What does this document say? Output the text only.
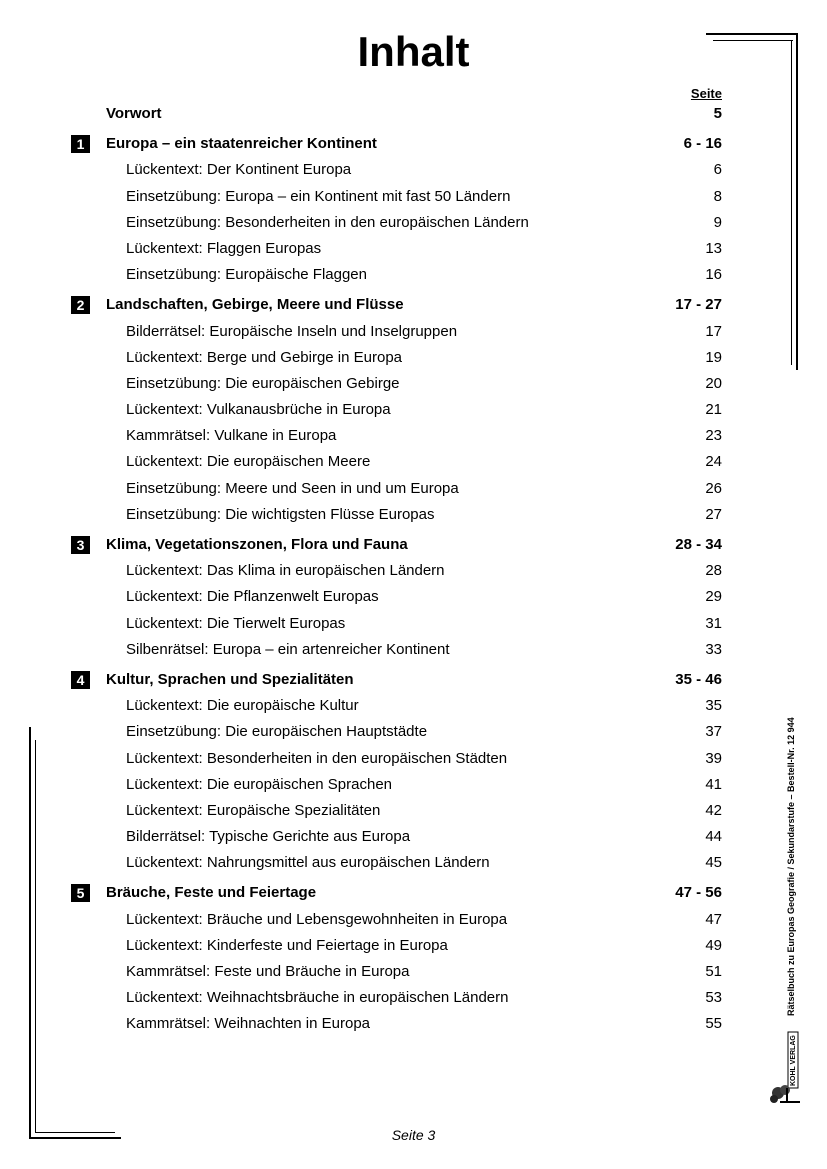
Inhalt
Seite
Vorwort	5
1	Europa – ein staatenreicher Kontinent	6 - 16
Lückentext: Der Kontinent Europa	6
Einsetzübung: Europa – ein Kontinent mit fast 50 Ländern	8
Einsetzübung: Besonderheiten in den europäischen Ländern	9
Lückentext: Flaggen Europas	13
Einsetzübung: Europäische Flaggen	16
2	Landschaften, Gebirge, Meere und Flüsse	17 - 27
Bilderrätsel: Europäische Inseln und Inselgruppen	17
Lückentext: Berge und Gebirge in Europa	19
Einsetzübung: Die europäischen Gebirge	20
Lückentext: Vulkanausbrüche in Europa	21
Kammrätsel: Vulkane in Europa	23
Lückentext: Die europäischen Meere	24
Einsetzübung: Meere und Seen in und um Europa	26
Einsetzübung: Die wichtigsten Flüsse Europas	27
3	Klima, Vegetationszonen, Flora und Fauna	28 - 34
Lückentext: Das Klima in europäischen Ländern	28
Lückentext: Die Pflanzenwelt Europas	29
Lückentext: Die Tierwelt Europas	31
Silbenrätsel: Europa – ein artenreicher Kontinent	33
4	Kultur, Sprachen und Spezialitäten	35 - 46
Lückentext: Die europäische Kultur	35
Einsetzübung: Die europäischen Hauptstädte	37
Lückentext: Besonderheiten in den europäischen Städten	39
Lückentext: Die europäischen Sprachen	41
Lückentext: Europäische Spezialitäten	42
Bilderrätsel: Typische Gerichte aus Europa	44
Lückentext: Nahrungsmittel aus europäischen Ländern	45
5	Bräuche, Feste und Feiertage	47 - 56
Lückentext: Bräuche und Lebensgewohnheiten in Europa	47
Lückentext: Kinderfeste und Feiertage in Europa	49
Kammrätsel: Feste und Bräuche in Europa	51
Lückentext: Weihnachtsbräuche in europäischen Ländern	53
Kammrätsel: Weihnachten in Europa	55
Seite 3
Rätselbuch zu Europas Geografie / Sekundarstufe – Bestell-Nr. 12 944
KOHL VERLAG
